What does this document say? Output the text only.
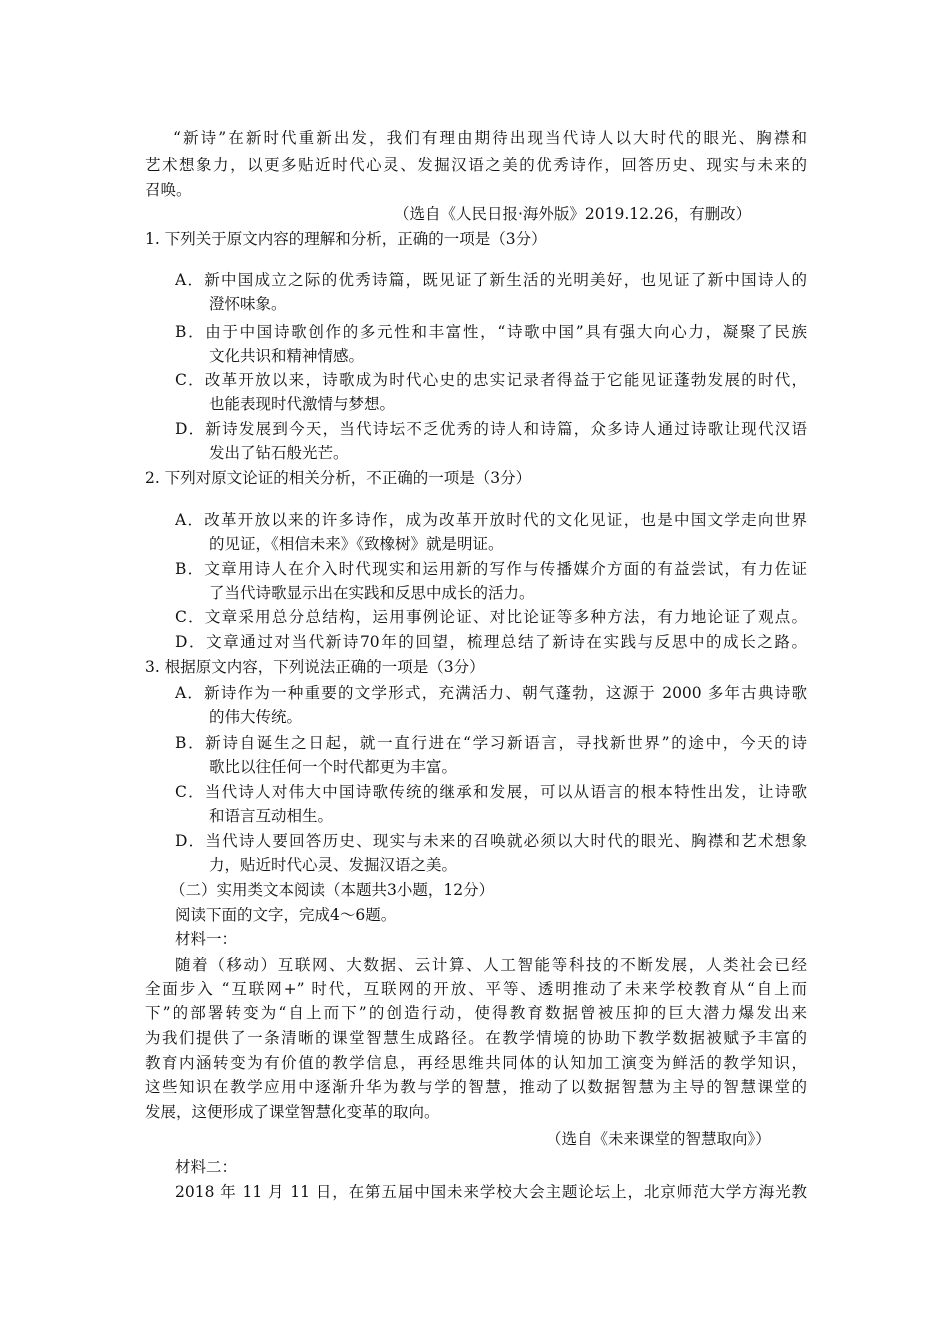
“新诗”在新时代重新出发，我们有理由期待出现当代诗人以大时代的眼光、胸襟和
艺术想象力，以更多贴近时代心灵、发掘汉语之美的优秀诗作，回答历史、现实与未来的
召唤。
（选自《人民日报·海外版》2019.12.26，有删改）
1. 下列关于原文内容的理解和分析，正确的一项是（3分）
A．新中国成立之际的优秀诗篇，既见证了新生活的光明美好，也见证了新中国诗人的
澄怀味象。
B．由于中国诗歌创作的多元性和丰富性，“诗歌中国”具有强大向心力，凝聚了民族
文化共识和精神情感。
C．改革开放以来，诗歌成为时代心史的忠实记录者得益于它能见证蓬勃发展的时代，
也能表现时代激情与梦想。
D．新诗发展到今天，当代诗坛不乏优秀的诗人和诗篇，众多诗人通过诗歌让现代汉语
发出了钻石般光芒。
2. 下列对原文论证的相关分析，不正确的一项是（3分）
A．改革开放以来的许多诗作，成为改革开放时代的文化见证，也是中国文学走向世界
的见证，《相信未来》《致橡树》就是明证。
B．文章用诗人在介入时代现实和运用新的写作与传播媒介方面的有益尝试，有力佐证
了当代诗歌显示出在实践和反思中成长的活力。
C．文章采用总分总结构，运用事例论证、对比论证等多种方法，有力地论证了观点。
D．文章通过对当代新诗70年的回望，梳理总结了新诗在实践与反思中的成长之路。
3. 根据原文内容，下列说法正确的一项是（3分）
A．新诗作为一种重要的文学形式，充满活力、朝气蓬勃，这源于 2000 多年古典诗歌
的伟大传统。
B．新诗自诞生之日起，就一直行进在“学习新语言，寻找新世界”的途中，今天的诗
歌比以往任何一个时代都更为丰富。
C．当代诗人对伟大中国诗歌传统的继承和发展，可以从语言的根本特性出发，让诗歌
和语言互动相生。
D．当代诗人要回答历史、现实与未来的召唤就必须以大时代的眼光、胸襟和艺术想象
力，贴近时代心灵、发掘汉语之美。
（二）实用类文本阅读（本题共3小题，12分）
阅读下面的文字，完成4～6题。
材料一：
随着（移动）互联网、大数据、云计算、人工智能等科技的不断发展，人类社会已经
全面步入 “互联网+” 时代，互联网的开放、平等、透明推动了未来学校教育从“自上而
下”的部署转变为“自上而下”的创造行动，使得教育数据曾被压抑的巨大潜力爆发出来
为我们提供了一条清晰的课堂智慧生成路径。在教学情境的协助下教学数据被赋予丰富的
教育内涵转变为有价值的教学信息，再经思维共同体的认知加工演变为鲜活的教学知识，
这些知识在教学应用中逐渐升华为教与学的智慧，推动了以数据智慧为主导的智慧课堂的
发展，这便形成了课堂智慧化变革的取向。
（选自《未来课堂的智慧取向》）
材料二：
2018 年 11 月 11 日，在第五届中国未来学校大会主题论坛上，北京师范大学方海光教
